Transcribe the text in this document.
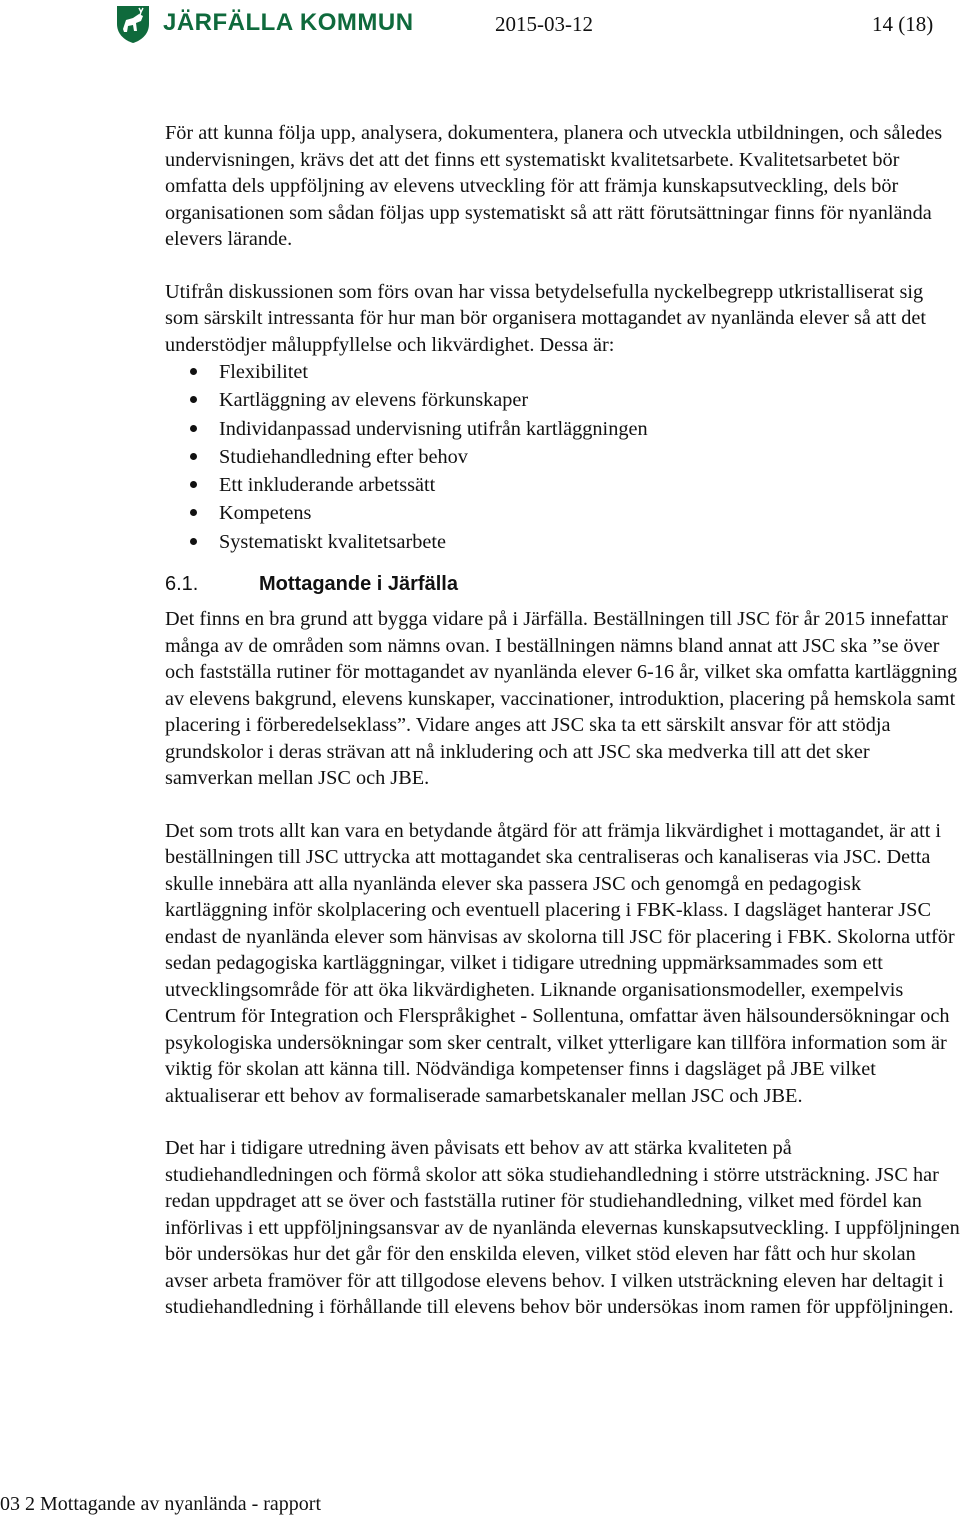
JÄRFÄLLA KOMMUN	2015-03-12	14 (18)

För att kunna följa upp, analysera, dokumentera, planera och utveckla utbildningen, och således undervisningen, krävs det att det finns ett systematiskt kvalitetsarbete. Kvalitetsarbetet bör omfatta dels uppföljning av elevens utveckling för att främja kunskapsutveckling, dels bör organisationen som sådan följas upp systematiskt så att rätt förutsättningar finns för nyanlända elevers lärande.

Utifrån diskussionen som förs ovan har vissa betydelsefulla nyckelbegrepp utkristalliserat sig som särskilt intressanta för hur man bör organisera mottagandet av nyanlända elever så att det understödjer måluppfyllelse och likvärdighet. Dessa är:

Flexibilitet
Kartläggning av elevens förkunskaper
Individanpassad undervisning utifrån kartläggningen
Studiehandledning efter behov
Ett inkluderande arbetssätt
Kompetens
Systematiskt kvalitetsarbete

6.1.	Mottagande i Järfälla

Det finns en bra grund att bygga vidare på i Järfälla. Beställningen till JSC för år 2015 innefattar många av de områden som nämns ovan. I beställningen nämns bland annat att JSC ska ”se över och fastställa rutiner för mottagandet av nyanlända elever 6-16 år, vilket ska omfatta kartläggning av elevens bakgrund, elevens kunskaper, vaccinationer, introduktion, placering på hemskola samt placering i förberedelseklass”. Vidare anges att JSC ska ta ett särskilt ansvar för att stödja grundskolor i deras strävan att nå inkludering och att JSC ska medverka till att det sker samverkan mellan JSC och JBE.

Det som trots allt kan vara en betydande åtgärd för att främja likvärdighet i mottagandet, är att i beställningen till JSC uttrycka att mottagandet ska centraliseras och kanaliseras via JSC. Detta skulle innebära att alla nyanlända elever ska passera JSC och genomgå en pedagogisk kartläggning inför skolplacering och eventuell placering i FBK-klass. I dagsläget hanterar JSC endast de nyanlända elever som hänvisas av skolorna till JSC för placering i FBK. Skolorna utför sedan pedagogiska kartläggningar, vilket i tidigare utredning uppmärksammades som ett utvecklingsområde för att öka likvärdigheten. Liknande organisationsmodeller, exempelvis Centrum för Integration och Flerspråkighet - Sollentuna, omfattar även hälsoundersökningar och psykologiska undersökningar som sker centralt, vilket ytterligare kan tillföra information som är viktig för skolan att känna till. Nödvändiga kompetenser finns i dagsläget på JBE vilket aktualiserar ett behov av formaliserade samarbetskanaler mellan JSC och JBE.

Det har i tidigare utredning även påvisats ett behov av att stärka kvaliteten på studiehandledningen och förmå skolor att söka studiehandledning i större utsträckning. JSC har redan uppdraget att se över och fastställa rutiner för studiehandledning, vilket med fördel kan införlivas i ett uppföljningsansvar av de nyanlända elevernas kunskapsutveckling. I uppföljningen bör undersökas hur det går för den enskilda eleven, vilket stöd eleven har fått och hur skolan avser arbeta framöver för att tillgodose elevens behov. I vilken utsträckning eleven har deltagit i studiehandledning i förhållande till elevens behov bör undersökas inom ramen för uppföljningen.

03 2 Mottagande av nyanlända - rapport
